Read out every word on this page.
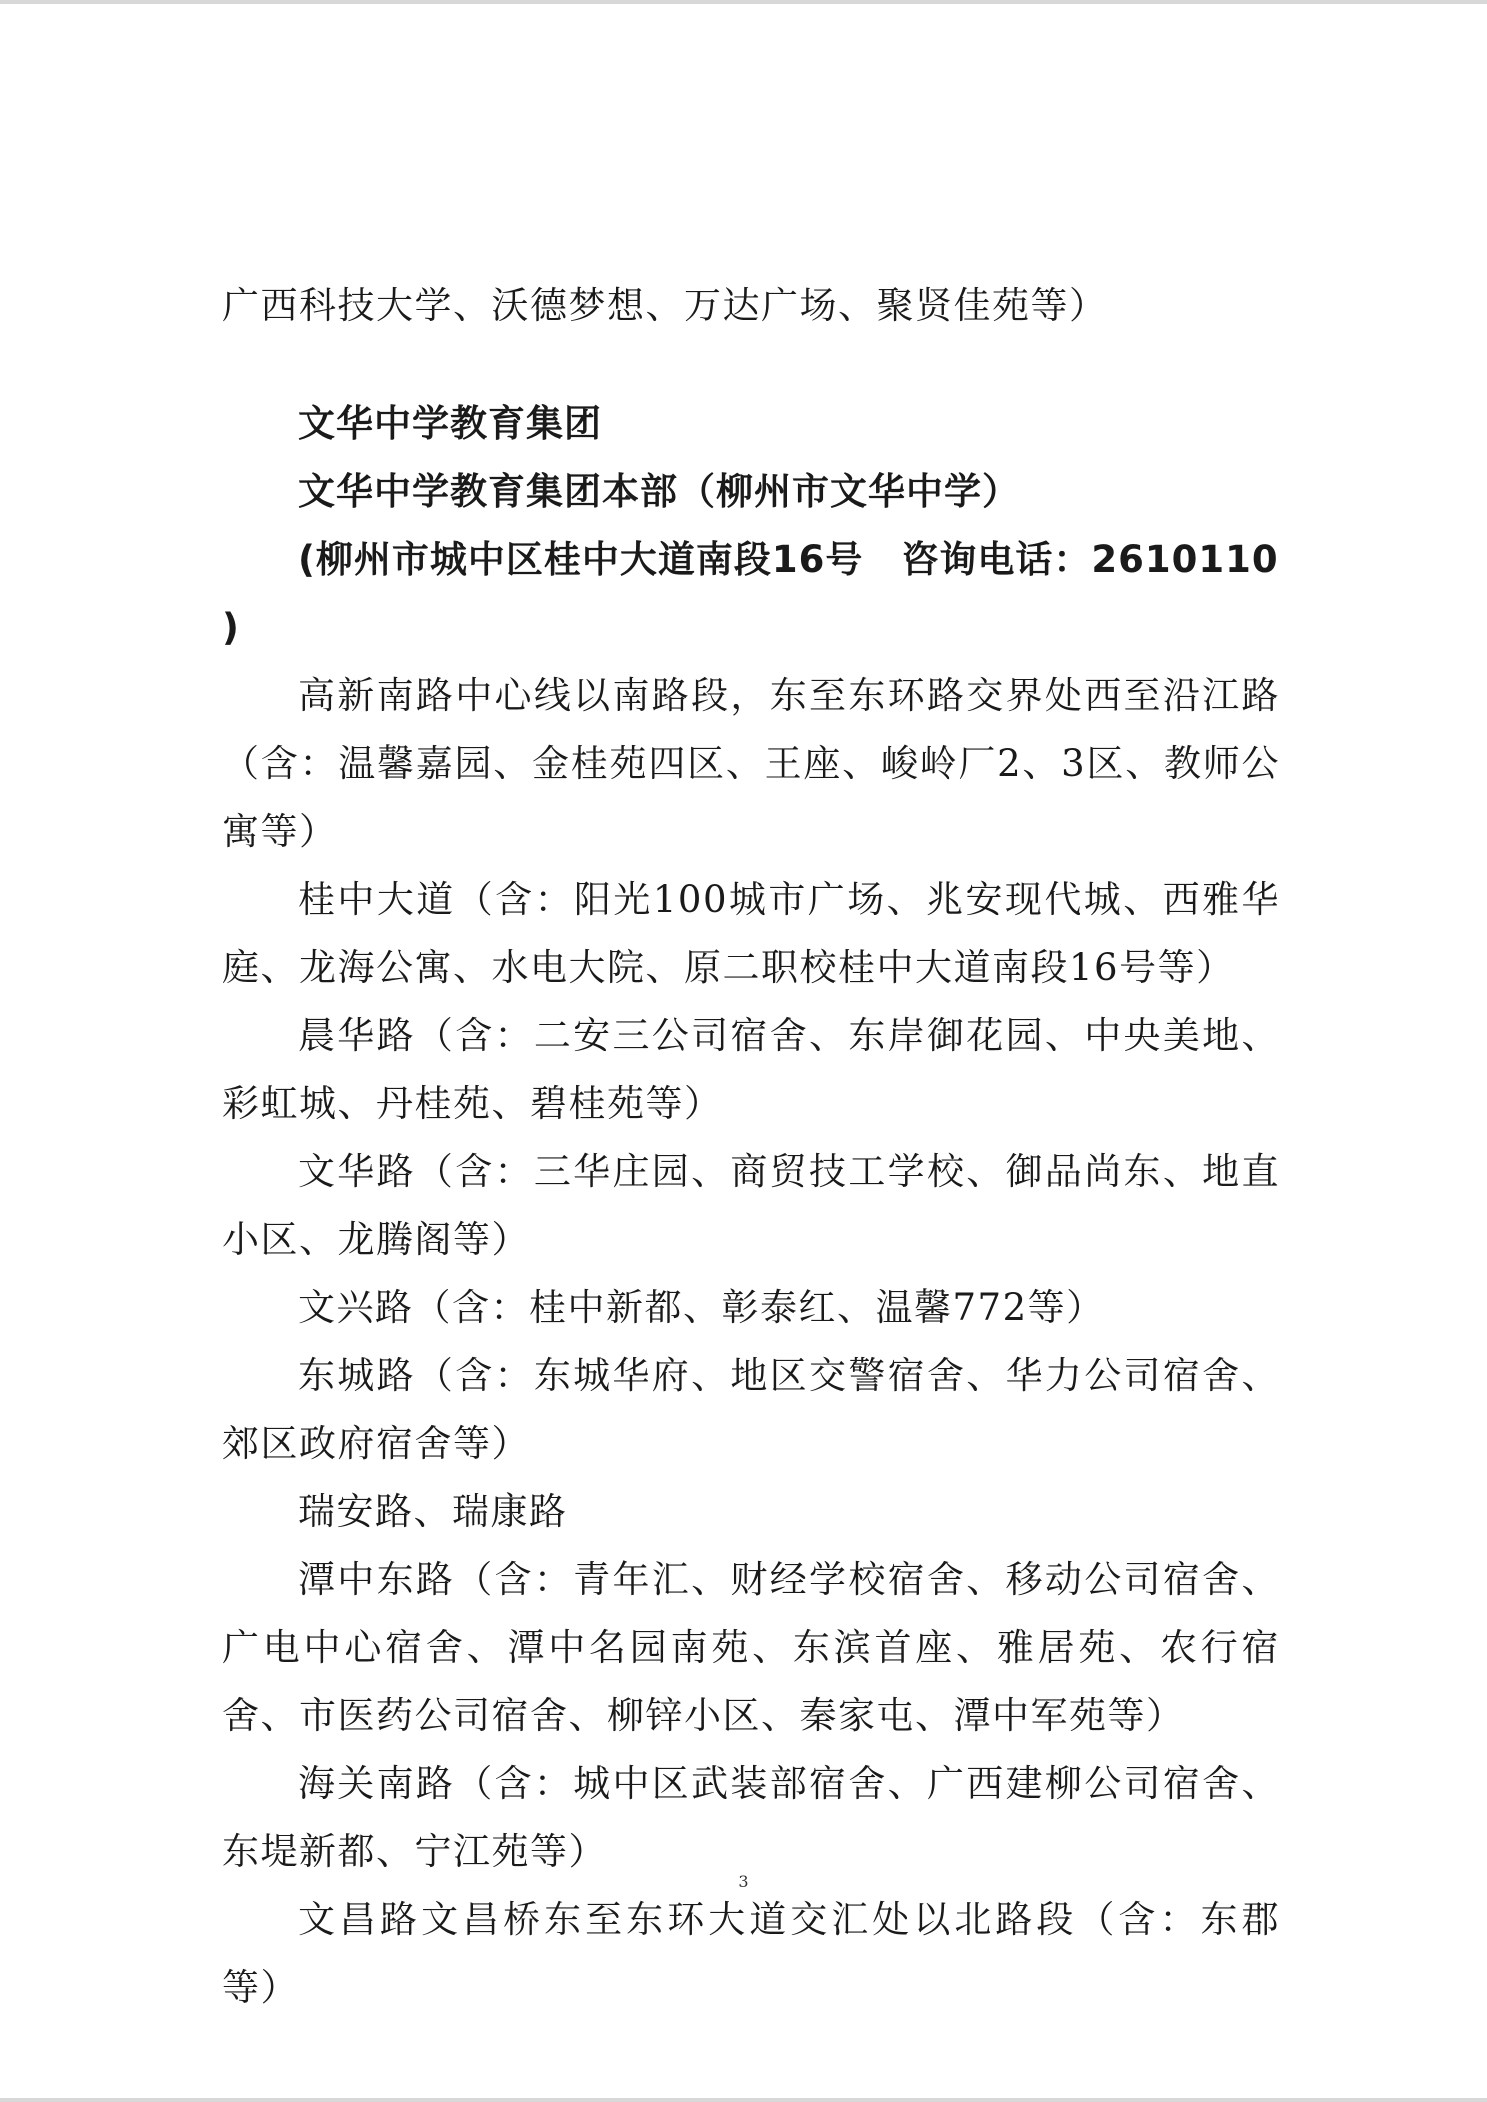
广西科技大学、沃德梦想、万达广场、聚贤佳苑等）

文华中学教育集团

文华中学教育集团本部（柳州市文华中学）

(柳州市城中区桂中大道南段16号　咨询电话：2610110 )

高新南路中心线以南路段，东至东环路交界处西至沿江路（含：温馨嘉园、金桂苑四区、王座、峻岭厂2、3区、教师公寓等）

桂中大道（含：阳光100城市广场、兆安现代城、西雅华庭、龙海公寓、水电大院、原二职校桂中大道南段16号等）

晨华路（含：二安三公司宿舍、东岸御花园、中央美地、彩虹城、丹桂苑、碧桂苑等）

文华路（含：三华庄园、商贸技工学校、御品尚东、地直小区、龙腾阁等）

文兴路（含：桂中新都、彰泰红、温馨772等）

东城路（含：东城华府、地区交警宿舍、华力公司宿舍、郊区政府宿舍等）

瑞安路、瑞康路

潭中东路（含：青年汇、财经学校宿舍、移动公司宿舍、广电中心宿舍、潭中名园南苑、东滨首座、雅居苑、农行宿舍、市医药公司宿舍、柳锌小区、秦家屯、潭中军苑等）

海关南路（含：城中区武装部宿舍、广西建柳公司宿舍、东堤新都、宁江苑等）

文昌路文昌桥东至东环大道交汇处以北路段（含：东郡等）

3
